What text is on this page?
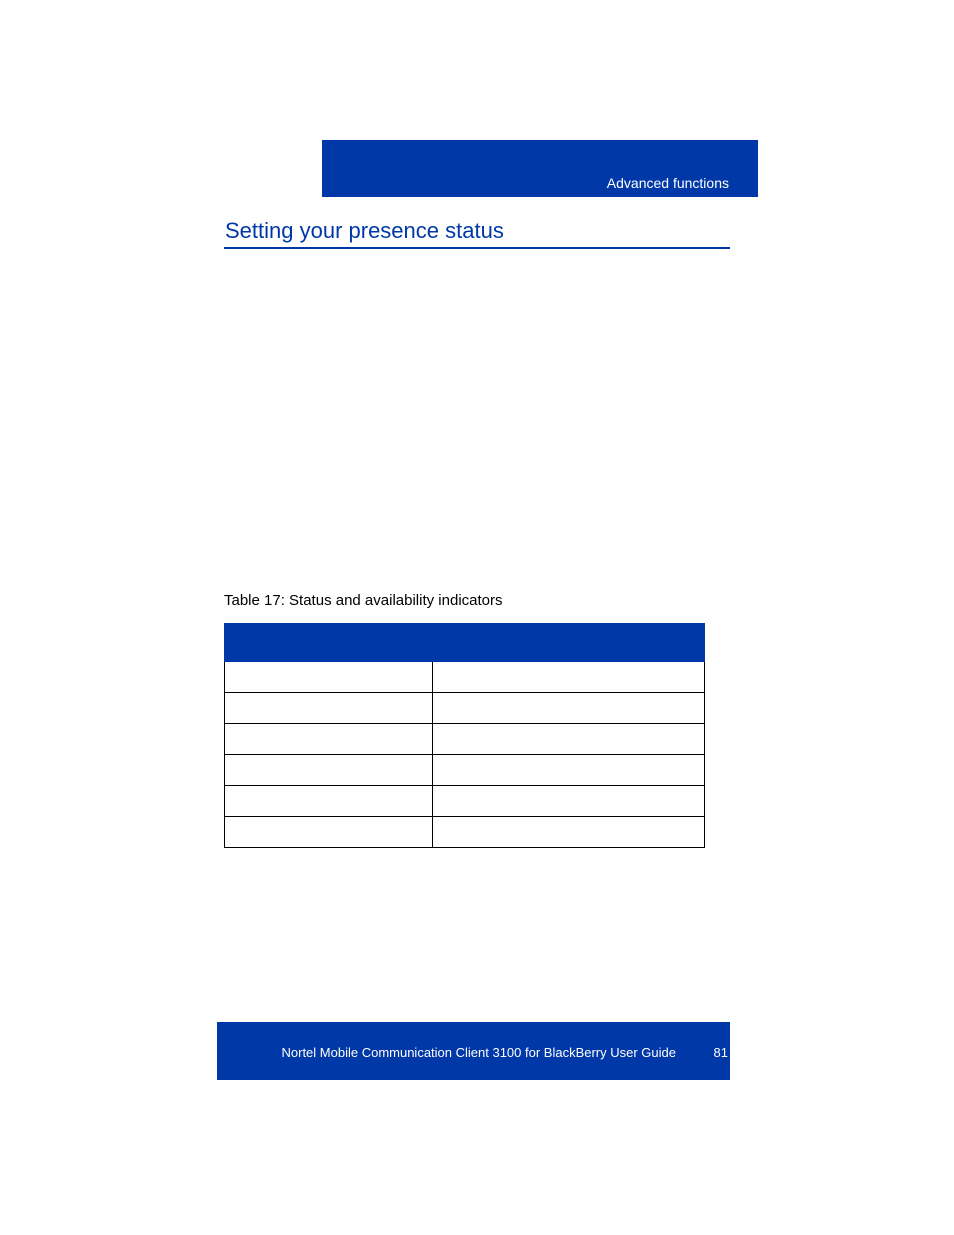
Advanced functions
Setting your presence status
Table 17: Status and availability indicators

Nortel Mobile Communication Client 3100 for BlackBerry User Guide	81
